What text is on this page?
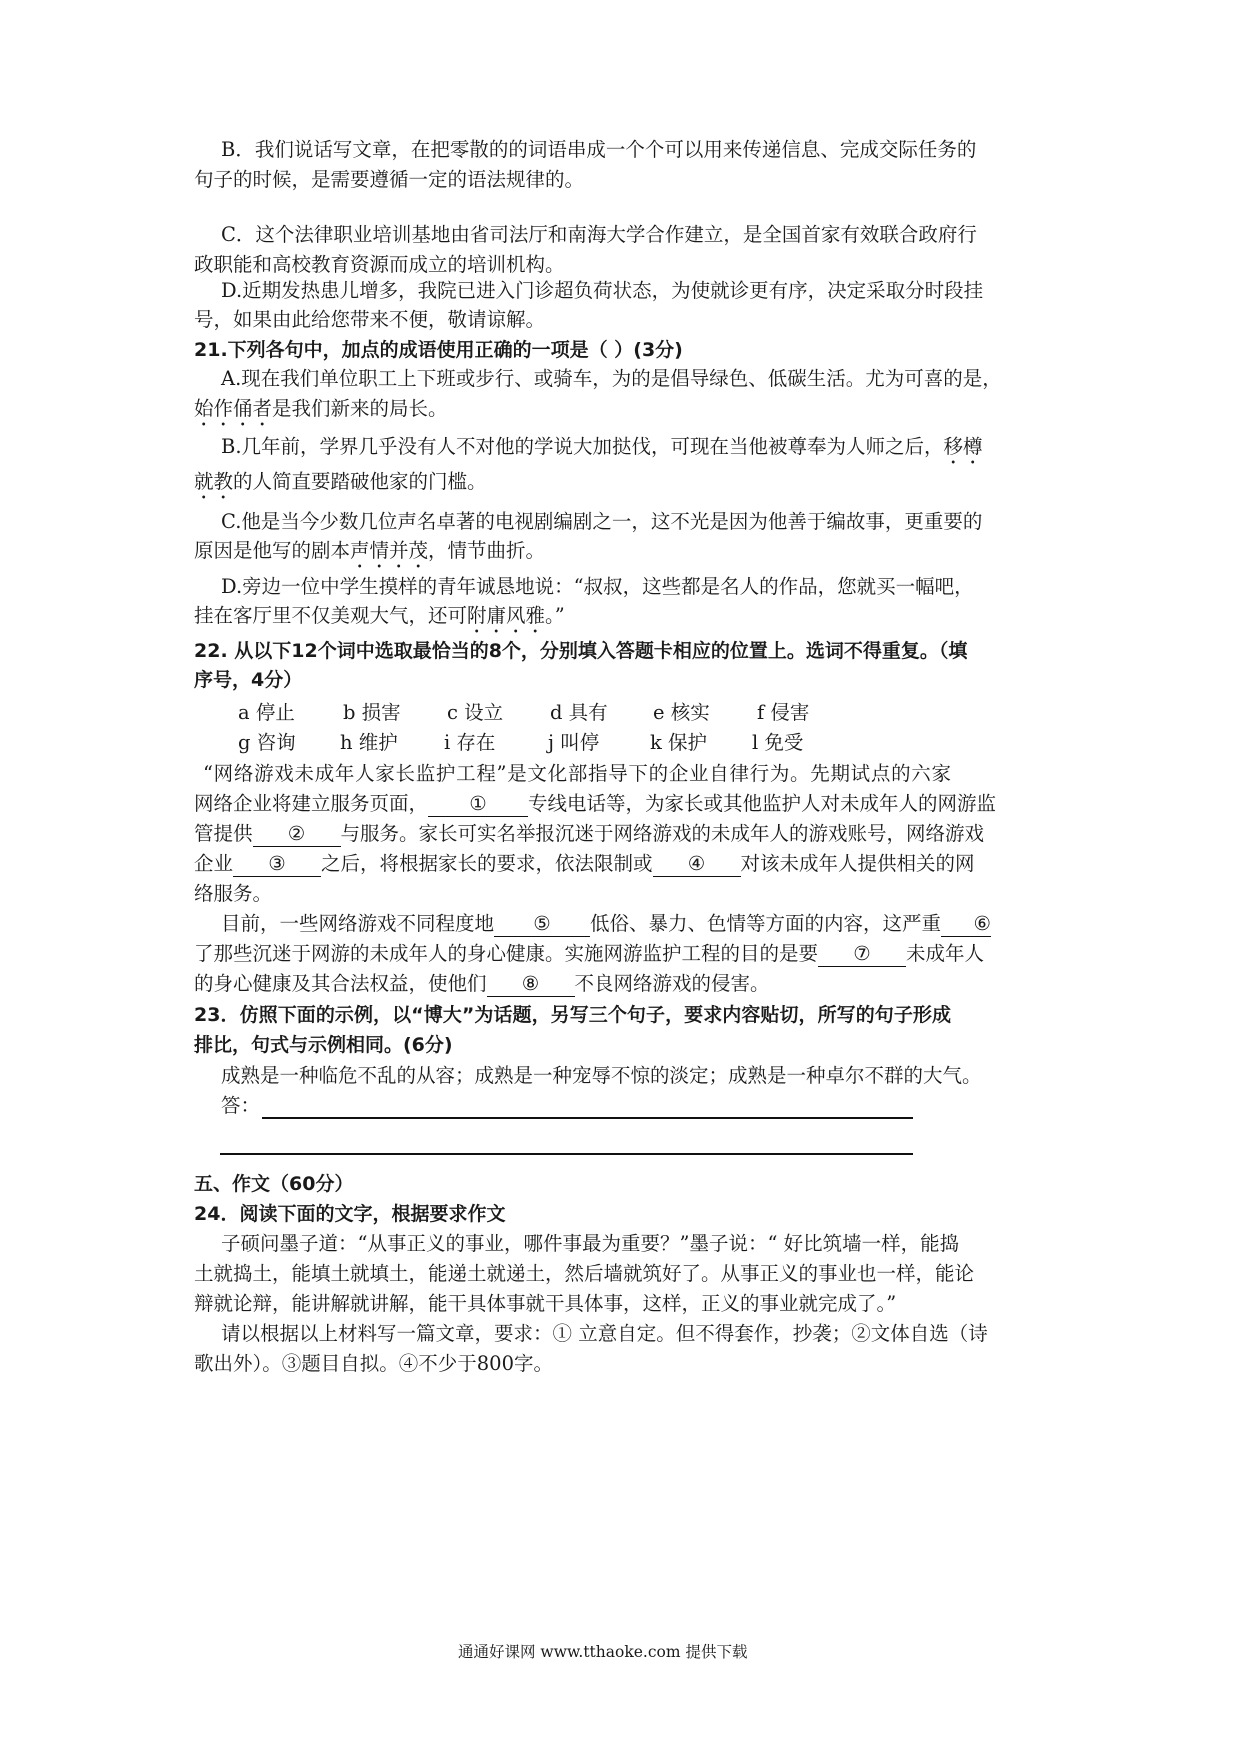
B．我们说话写文章，在把零散的的词语串成一个个可以用来传递信息、完成交际任务的
句子的时候，是需要遵循一定的语法规律的。
C．这个法律职业培训基地由省司法厅和南海大学合作建立，是全国首家有效联合政府行
政职能和高校教育资源而成立的培训机构。
D.近期发热患儿增多，我院已进入门诊超负荷状态，为使就诊更有序，决定采取分时段挂
号，如果由此给您带来不便，敬请谅解。
21.下列各句中，加点的成语使用正确的一项是（ ）(3分)
A.现在我们单位职工上下班或步行、或骑车，为的是倡导绿色、低碳生活。尤为可喜的是，
始作俑者是我们新来的局长。
B.几年前，学界几乎没有人不对他的学说大加挞伐，可现在当他被尊奉为人师之后，移樽
就教的人简直要踏破他家的门槛。
C.他是当今少数几位声名卓著的电视剧编剧之一，这不光是因为他善于编故事，更重要的
原因是他写的剧本声情并茂，情节曲折。
D.旁边一位中学生摸样的青年诚恳地说：“叔叔，这些都是名人的作品，您就买一幅吧，
挂在客厅里不仅美观大气，还可附庸风雅。”
22. 从以下12个词中选取最恰当的8个，分别填入答题卡相应的位置上。选词不得重复。（填
序号，4分）
a 停止 b 损害 c 设立 d 具有 e 核实 f 侵害
g 咨询 h 维护 i 存在	j 叫停	k 保护 l 免受
“网络游戏未成年人家长监护工程”是文化部指导下的企业自律行为。先期试点的六家
网络企业将建立服务页面， ① 专线电话等，为家长或其他监护人对未成年人的网游监
管提供 ② 与服务。家长可实名举报沉迷于网络游戏的未成年人的游戏账号，网络游戏
企业 ③ 之后，将根据家长的要求，依法限制或 ④ 对该未成年人提供相关的网
络服务。
目前，一些网络游戏不同程度地 ⑤ 低俗、暴力、色情等方面的内容，这严重 ⑥
了那些沉迷于网游的未成年人的身心健康。实施网游监护工程的目的是要 ⑦ 未成年人
的身心健康及其合法权益，使他们 ⑧ 不良网络游戏的侵害。
23．仿照下面的示例，以“博大”为话题，另写三个句子，要求内容贴切，所写的句子形成
排比，句式与示例相同。(6分)
成熟是一种临危不乱的从容；成熟是一种宠辱不惊的淡定；成熟是一种卓尔不群的大气。
答：
五、作文（60分）
24．阅读下面的文字，根据要求作文
子硕问墨子道：“从事正义的事业，哪件事最为重要？”墨子说：“ 好比筑墙一样，能捣
土就捣土，能填土就填土，能递土就递土，然后墙就筑好了。从事正义的事业也一样，能论
辩就论辩，能讲解就讲解，能干具体事就干具体事，这样，正义的事业就完成了。”
请以根据以上材料写一篇文章，要求：① 立意自定。但不得套作，抄袭；②文体自选（诗
歌出外）。③题目自拟。④不少于800字。
通通好课网 www.tthaoke.com 提供下载
